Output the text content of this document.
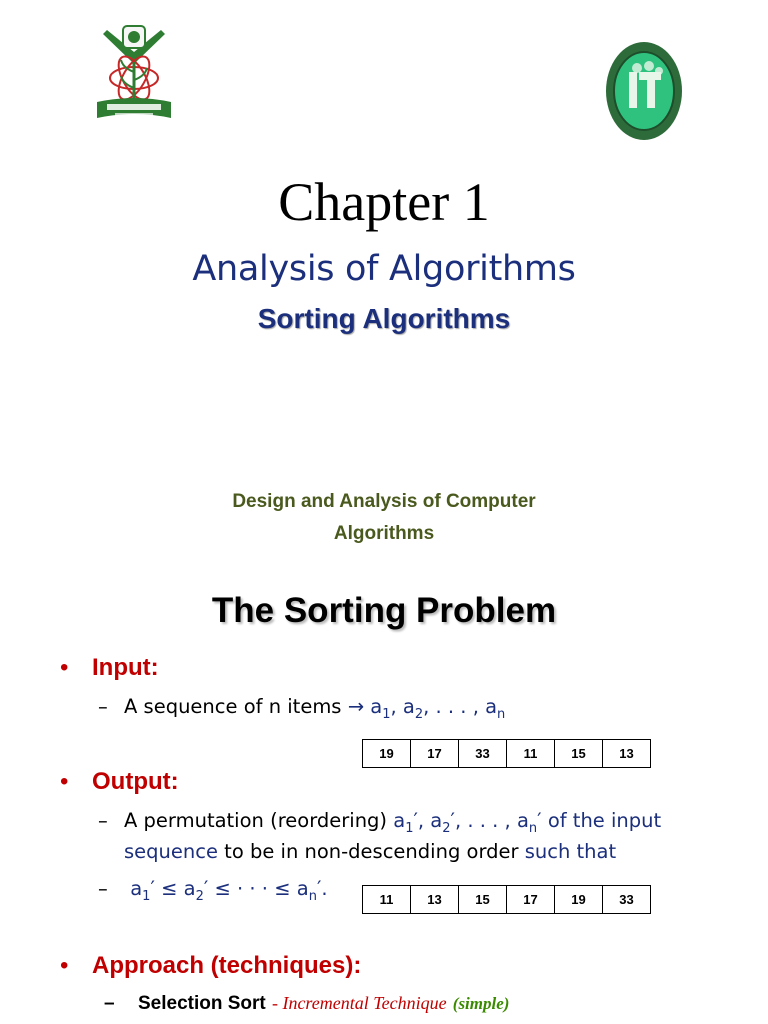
Chapter 1
Analysis of Algorithms
Sorting Algorithms
Design and Analysis of Computer
Algorithms
The Sorting Problem
• Input:
– A sequence of n items → $a_1$, $a_2$, . . . , $a_n$
19	17	33	11	15	13
• Output:
– A permutation (reordering) $a_1'$, $a_2'$, . . . , $a_n'$ of the input
sequence to be in non-descending order such that
– $a_1' \le a_2'$ ≤ · · · ≤ $a_n'$.	11	13	15	17	19	33
• Approach (techniques):
– Selection Sort - Incremental Technique (simple)
